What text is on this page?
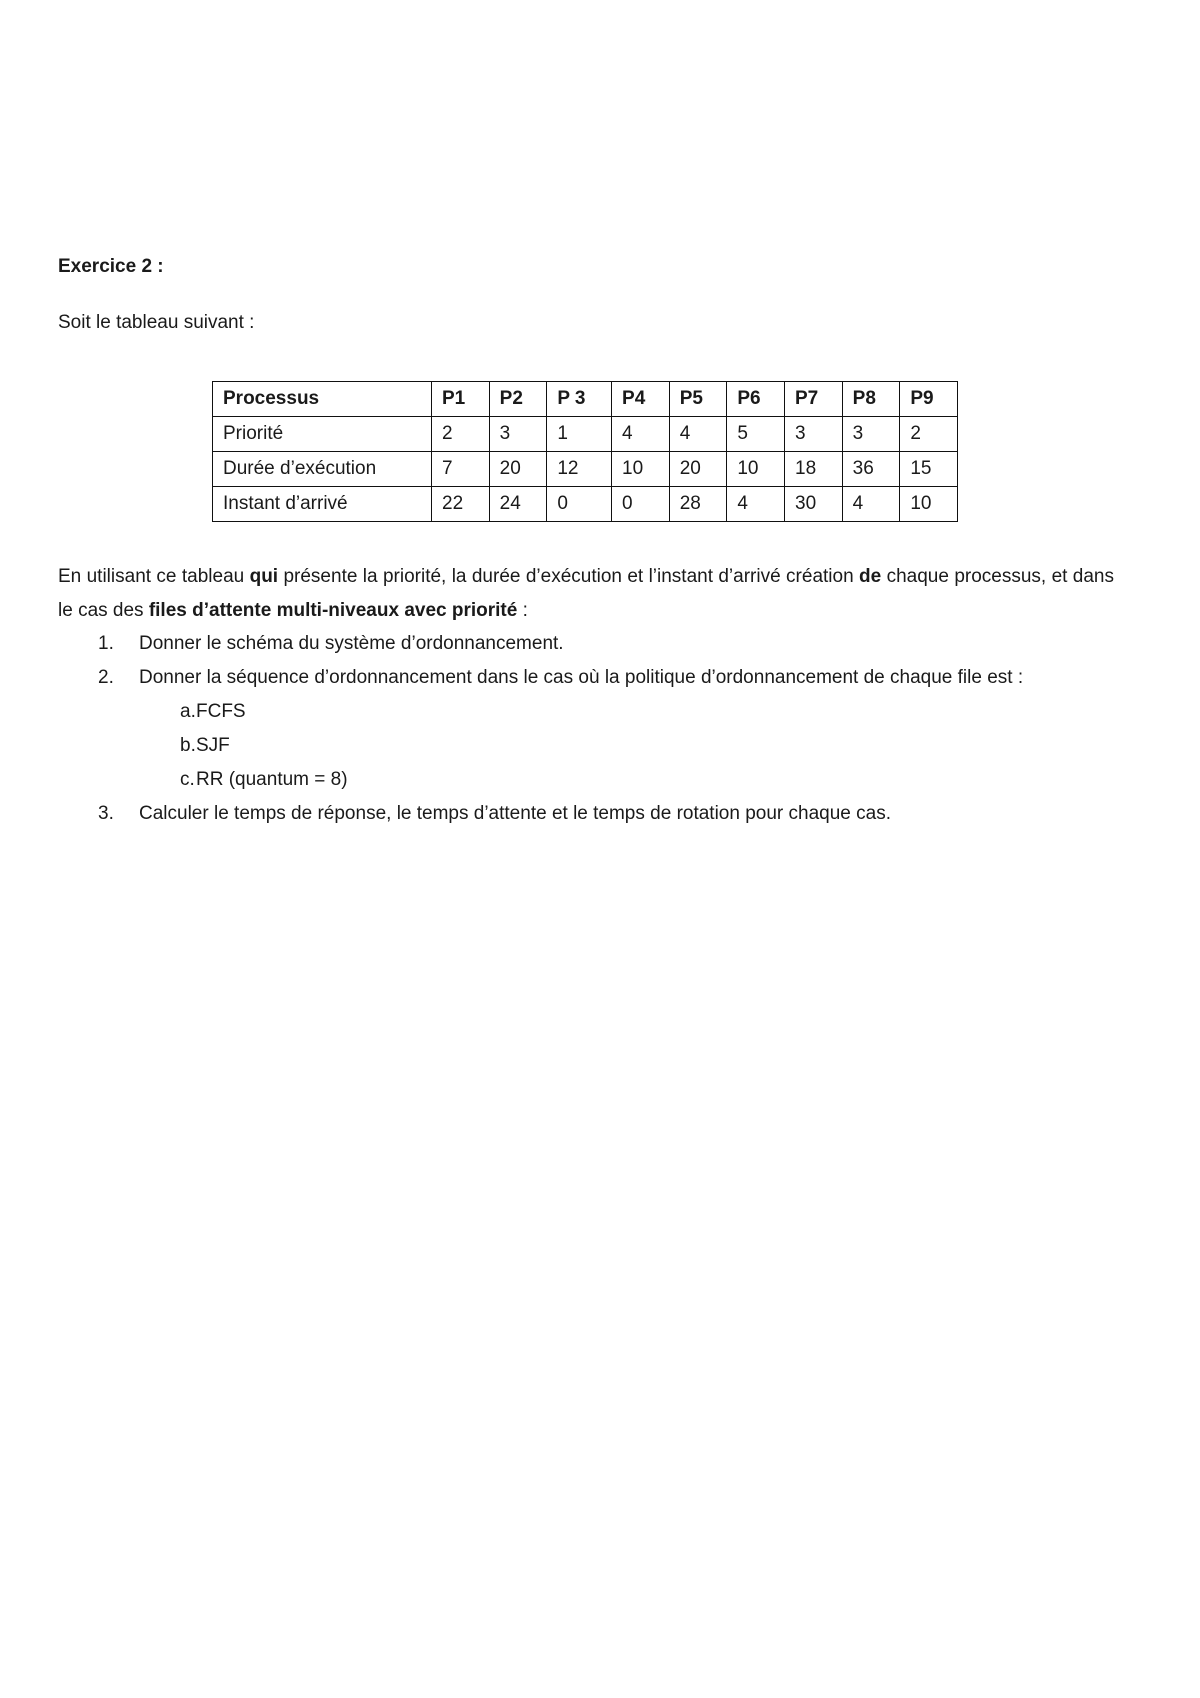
Exercice 2 :
Soit le tableau suivant :
Processus	P1	P2	P 3	P4	P5	P6	P7	P8	P9
Priorité	2	3	1	4	4	5	3	3	2
Durée d’exécution	7	20	12	10	20	10	18	36	15
Instant d’arrivé	22	24	0	0	28	4	30	4	10
En utilisant ce tableau qui présente la priorité, la durée d’exécution et l’instant d’arrivé création de chaque processus, et dans le cas des files d’attente multi-niveaux avec priorité :
1. Donner le schéma du système d’ordonnancement.
2. Donner la séquence d’ordonnancement dans le cas où la politique d’ordonnancement de chaque file est :
a. FCFS
b. SJF
c. RR (quantum = 8)
3. Calculer le temps de réponse, le temps d’attente et le temps de rotation pour chaque cas.
